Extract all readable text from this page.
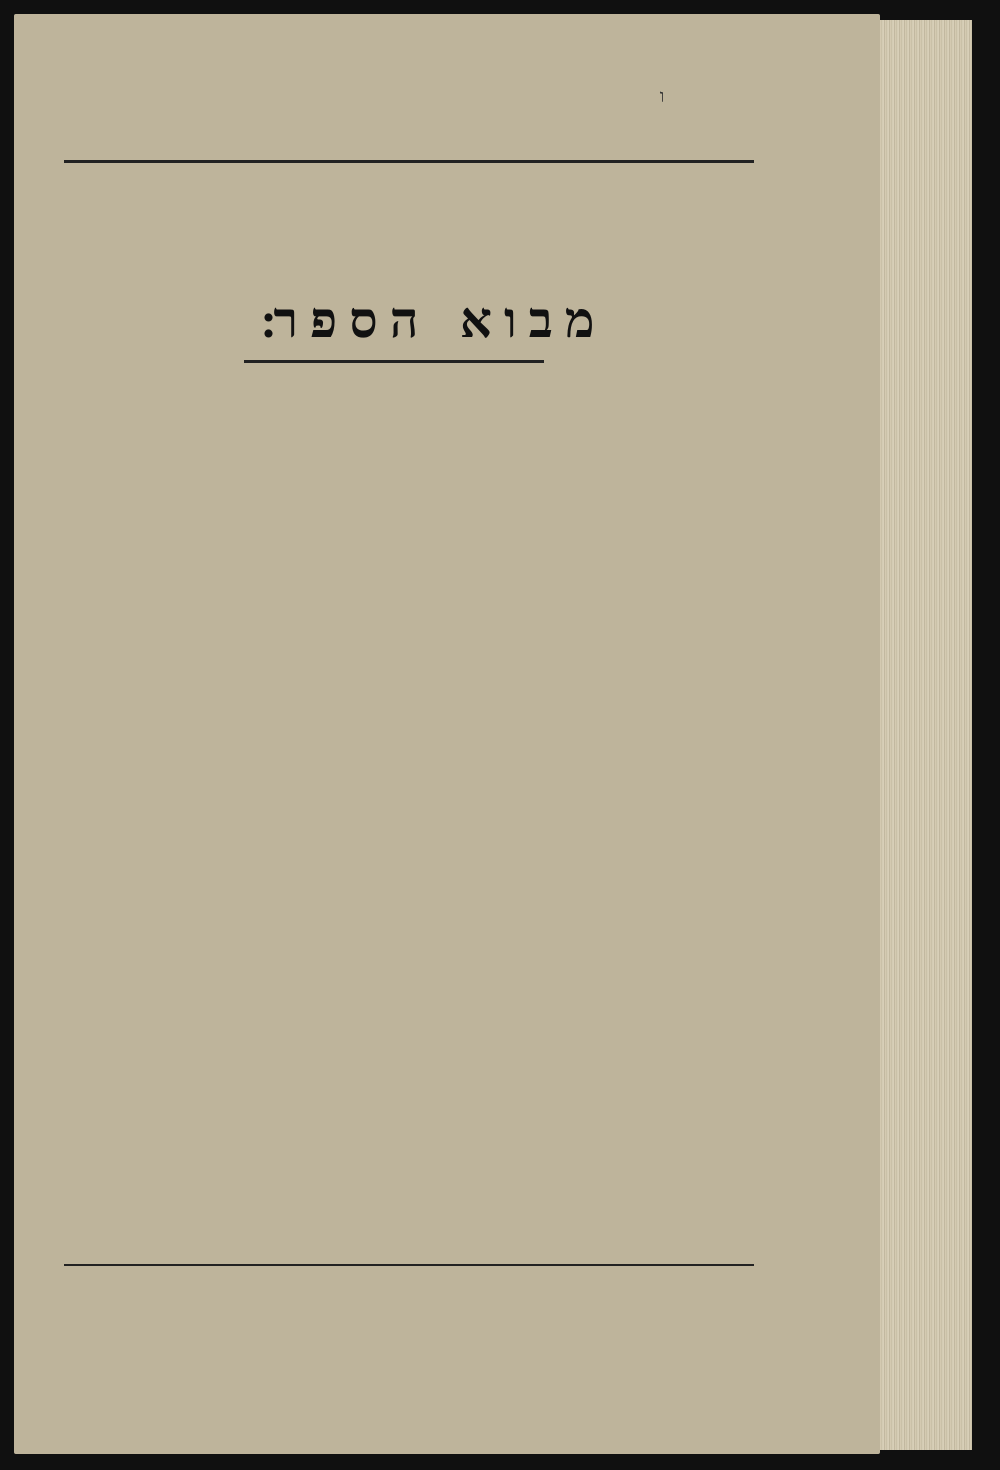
ו
מבוא הספר׃
